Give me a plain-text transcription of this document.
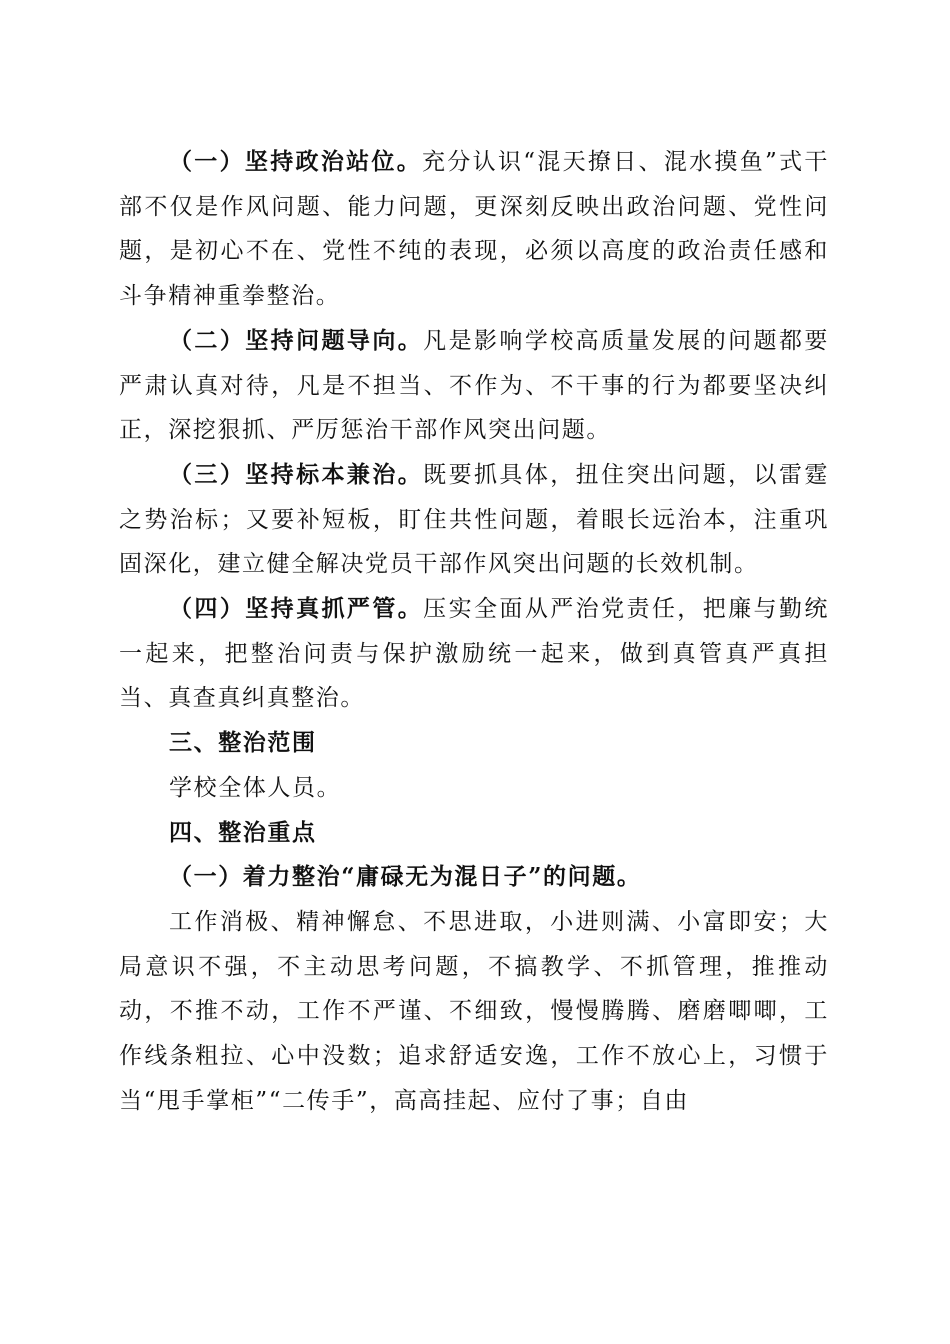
（一）坚持政治站位。充分认识“混天撩日、混水摸鱼”式干部不仅是作风问题、能力问题，更深刻反映出政治问题、党性问题，是初心不在、党性不纯的表现，必须以高度的政治责任感和斗争精神重拳整治。

（二）坚持问题导向。凡是影响学校高质量发展的问题都要严肃认真对待，凡是不担当、不作为、不干事的行为都要坚决纠正，深挖狠抓、严厉惩治干部作风突出问题。

（三）坚持标本兼治。既要抓具体，扭住突出问题，以雷霆之势治标；又要补短板，盯住共性问题，着眼长远治本，注重巩固深化，建立健全解决党员干部作风突出问题的长效机制。

（四）坚持真抓严管。压实全面从严治党责任，把廉与勤统一起来，把整治问责与保护激励统一起来，做到真管真严真担当、真查真纠真整治。

三、整治范围

学校全体人员。

四、整治重点

（一）着力整治“庸碌无为混日子”的问题。

工作消极、精神懈怠、不思进取，小进则满、小富即安；大局意识不强，不主动思考问题，不搞教学、不抓管理，推推动动，不推不动，工作不严谨、不细致，慢慢腾腾、磨磨唧唧，工作线条粗拉、心中没数；追求舒适安逸，工作不放心上，习惯于当“甩手掌柜”“二传手”，高高挂起、应付了事；自由
